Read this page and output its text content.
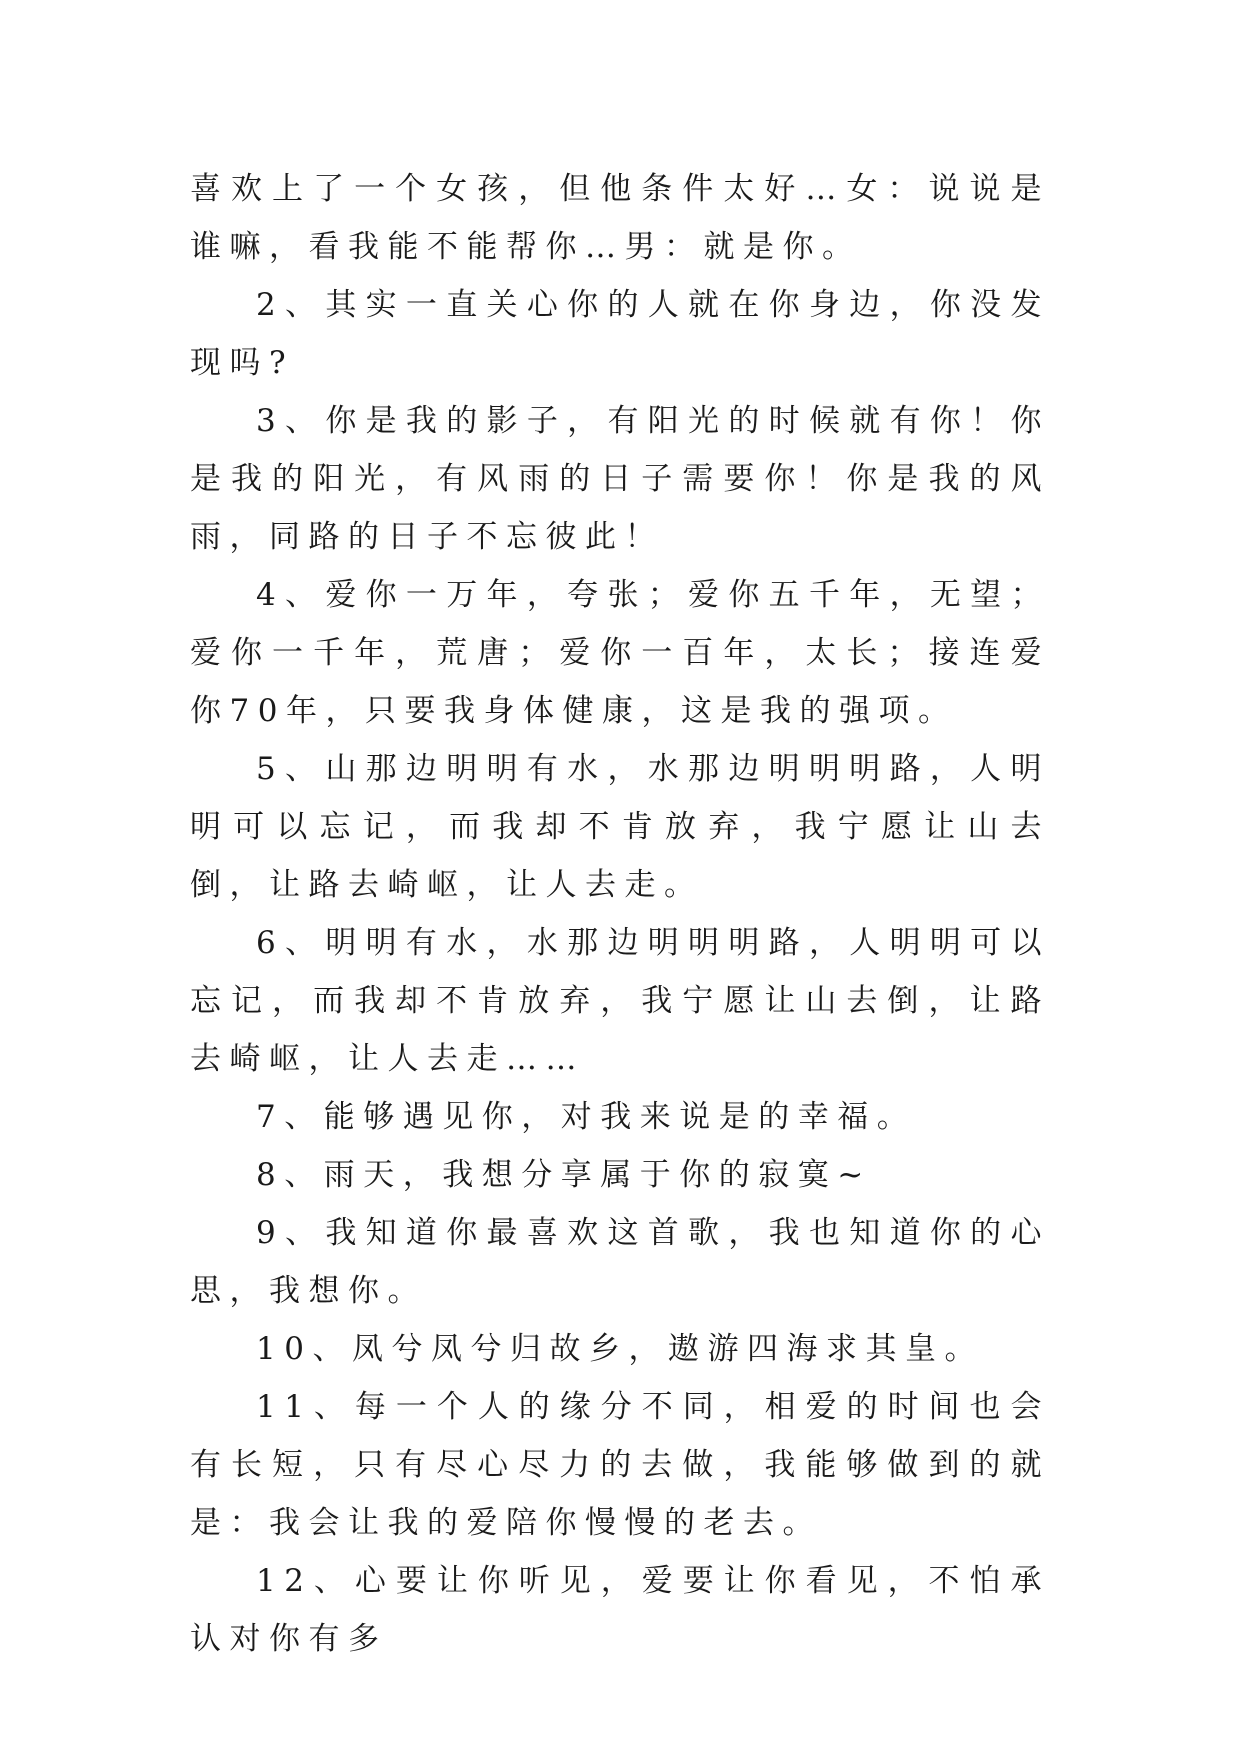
喜欢上了一个女孩，但他条件太好…女：说说是谁嘛，看我能不能帮你…男：就是你。

2、其实一直关心你的人就在你身边，你没发现吗?

3、你是我的影子，有阳光的时候就有你！你是我的阳光，有风雨的日子需要你！你是我的风雨，同路的日子不忘彼此！

4、爱你一万年，夸张；爱你五千年，无望；爱你一千年，荒唐；爱你一百年，太长；接连爱你70年，只要我身体健康，这是我的强项。

5、山那边明明有水，水那边明明明路，人明明可以忘记，而我却不肯放弃，我宁愿让山去倒，让路去崎岖，让人去走。

6、明明有水，水那边明明明路，人明明可以忘记，而我却不肯放弃，我宁愿让山去倒，让路去崎岖，让人去走……

7、能够遇见你，对我来说是的幸福。

8、雨天，我想分享属于你的寂寞~

9、我知道你最喜欢这首歌，我也知道你的心思，我想你。

10、凤兮凤兮归故乡，遨游四海求其皇。

11、每一个人的缘分不同，相爱的时间也会有长短，只有尽心尽力的去做，我能够做到的就是：我会让我的爱陪你慢慢的老去。

12、心要让你听见，爱要让你看见，不怕承认对你有多
